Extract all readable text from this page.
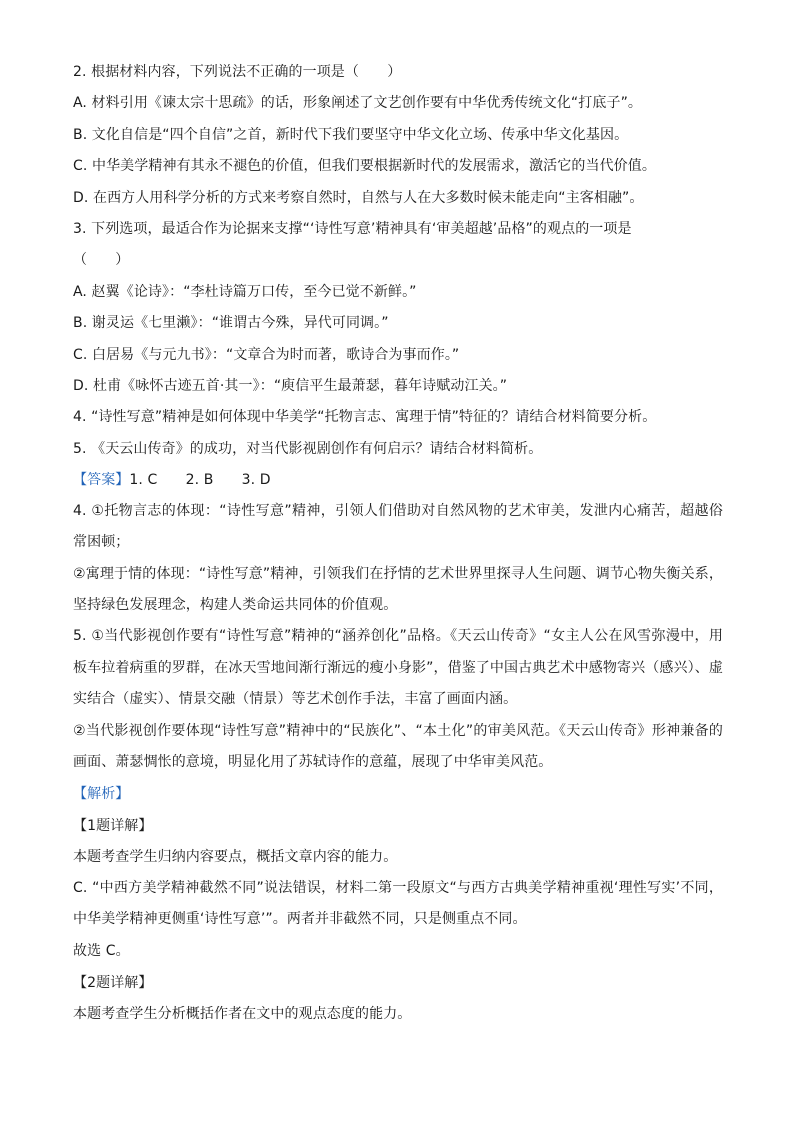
2. 根据材料内容，下列说法不正确的一项是（　　）
A. 材料引用《谏太宗十思疏》的话，形象阐述了文艺创作要有中华优秀传统文化“打底子”。
B. 文化自信是“四个自信”之首，新时代下我们要坚守中华文化立场、传承中华文化基因。
C. 中华美学精神有其永不褪色的价值，但我们要根据新时代的发展需求，激活它的当代价值。
D. 在西方人用科学分析的方式来考察自然时，自然与人在大多数时候未能走向“主客相融”。
3. 下列选项，最适合作为论据来支撑“‘诗性写意’精神具有‘审美超越’品格”的观点的一项是
（　　）
A. 赵翼《论诗》：“李杜诗篇万口传，至今已觉不新鲜。”
B. 谢灵运《七里濑》：“谁谓古今殊，异代可同调。”
C. 白居易《与元九书》：“文章合为时而著，歌诗合为事而作。”
D. 杜甫《咏怀古迹五首·其一》：“庾信平生最萧瑟，暮年诗赋动江关。”
4. “诗性写意”精神是如何体现中华美学“托物言志、寓理于情”特征的？请结合材料简要分析。
5. 《天云山传奇》的成功，对当代影视剧创作有何启示？请结合材料简析。
【答案】1. C　　2. B　　3. D
4. ①托物言志的体现：“诗性写意”精神，引领人们借助对自然风物的艺术审美，发泄内心痛苦，超越俗常困顿；
②寓理于情的体现：“诗性写意”精神，引领我们在抒情的艺术世界里探寻人生问题、调节心物失衡关系，坚持绿色发展理念，构建人类命运共同体的价值观。
5. ①当代影视创作要有“诗性写意”精神的“涵养创化”品格。《天云山传奇》“女主人公在风雪弥漫中，用板车拉着病重的罗群，在冰天雪地间渐行渐远的瘦小身影”，借鉴了中国古典艺术中感物寄兴（感兴）、虚实结合（虚实）、情景交融（情景）等艺术创作手法，丰富了画面内涵。
②当代影视创作要体现“诗性写意”精神中的“民族化”、“本土化”的审美风范。《天云山传奇》形神兼备的画面、萧瑟惆怅的意境，明显化用了苏轼诗作的意蕴，展现了中华审美风范。
【解析】
【1题详解】
本题考查学生归纳内容要点，概括文章内容的能力。
C. “中西方美学精神截然不同”说法错误，材料二第一段原文“与西方古典美学精神重视‘理性写实’不同，中华美学精神更侧重‘诗性写意’”。两者并非截然不同，只是侧重点不同。
故选 C。
【2题详解】
本题考查学生分析概括作者在文中的观点态度的能力。
